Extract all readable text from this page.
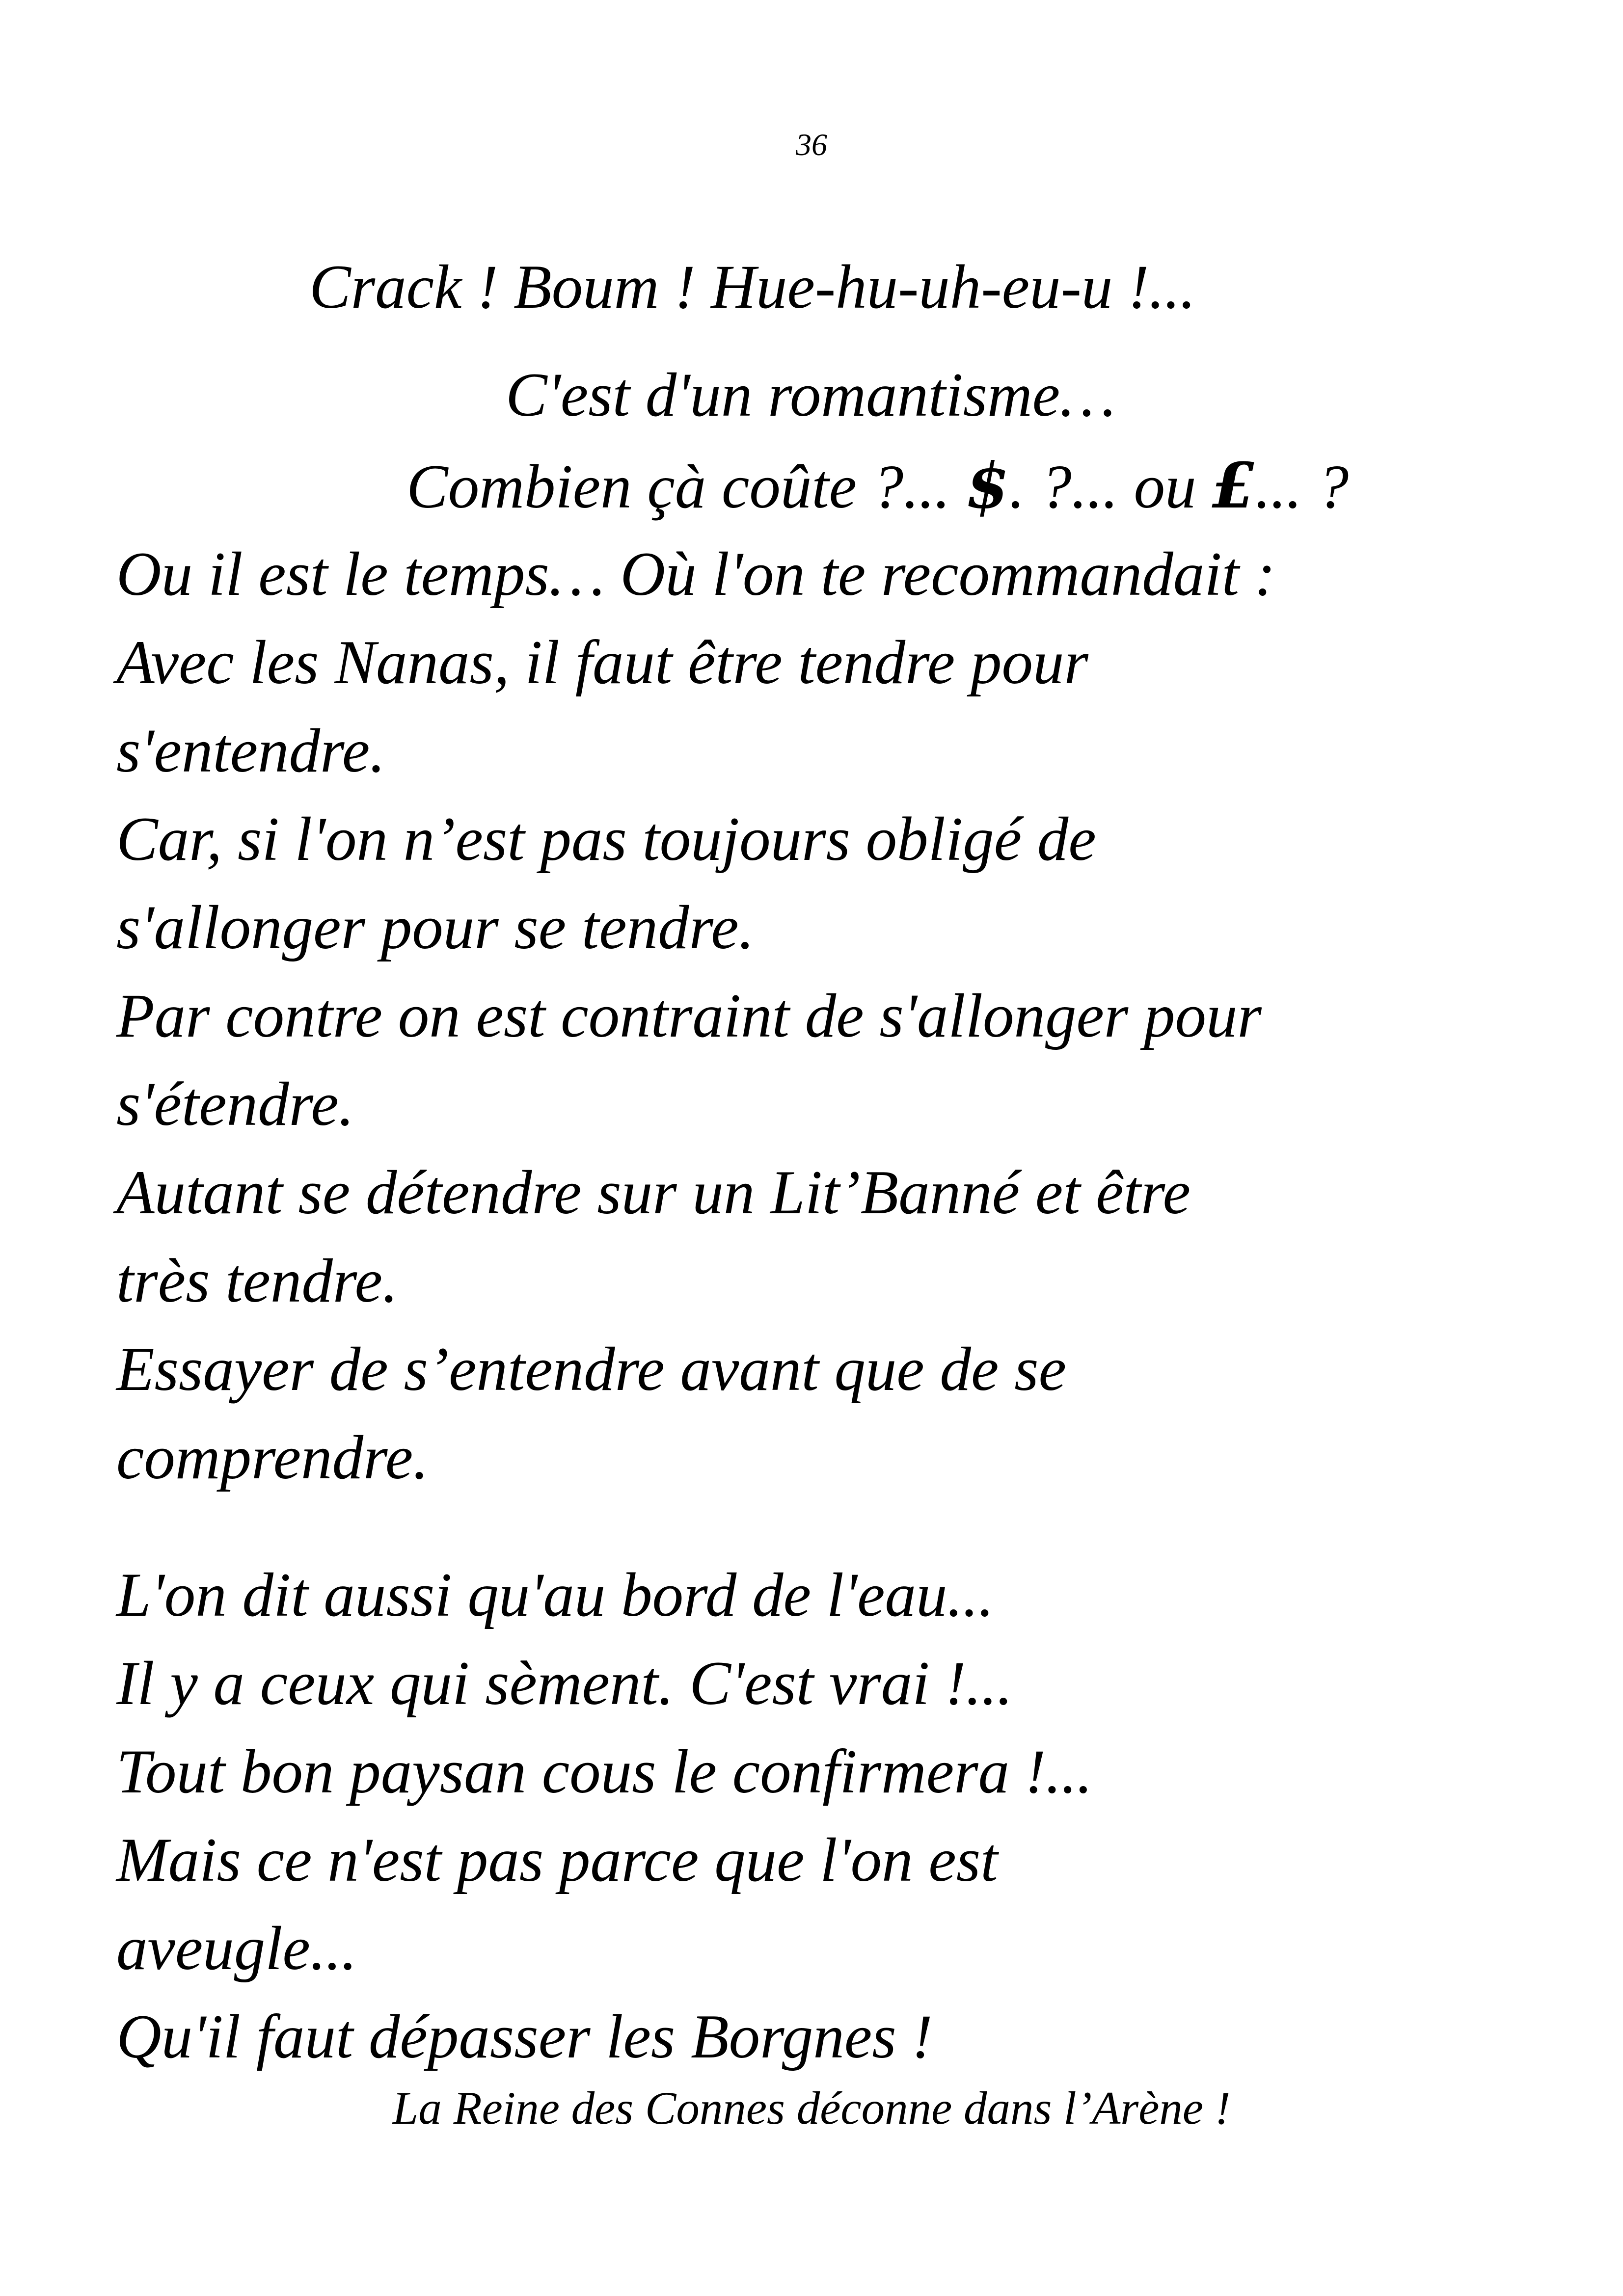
36
Crack ! Boum ! Hue-hu-uh-eu-u !...
C'est d'un romantisme…
Combien çà coûte ?... $. ?... ou £... ?

Ou il est le temps… Où l'on te recommandait :

Avec les Nanas, il faut être tendre pour

s'entendre.

Car, si l'on n’est pas toujours obligé de

s'allonger pour se tendre.

Par contre on est contraint de s'allonger pour

s'étendre.

Autant se détendre sur un Lit’Banné et être

très tendre.

Essayer de s’entendre avant que de se

comprendre.

L'on dit aussi qu'au bord de l'eau...

Il y a ceux qui sèment. C'est vrai !...

Tout bon paysan cous le confirmera !...

Mais ce n'est pas parce que l'on est

aveugle...

Qu'il faut dépasser les Borgnes !

La Reine des Connes déconne dans l’Arène !
